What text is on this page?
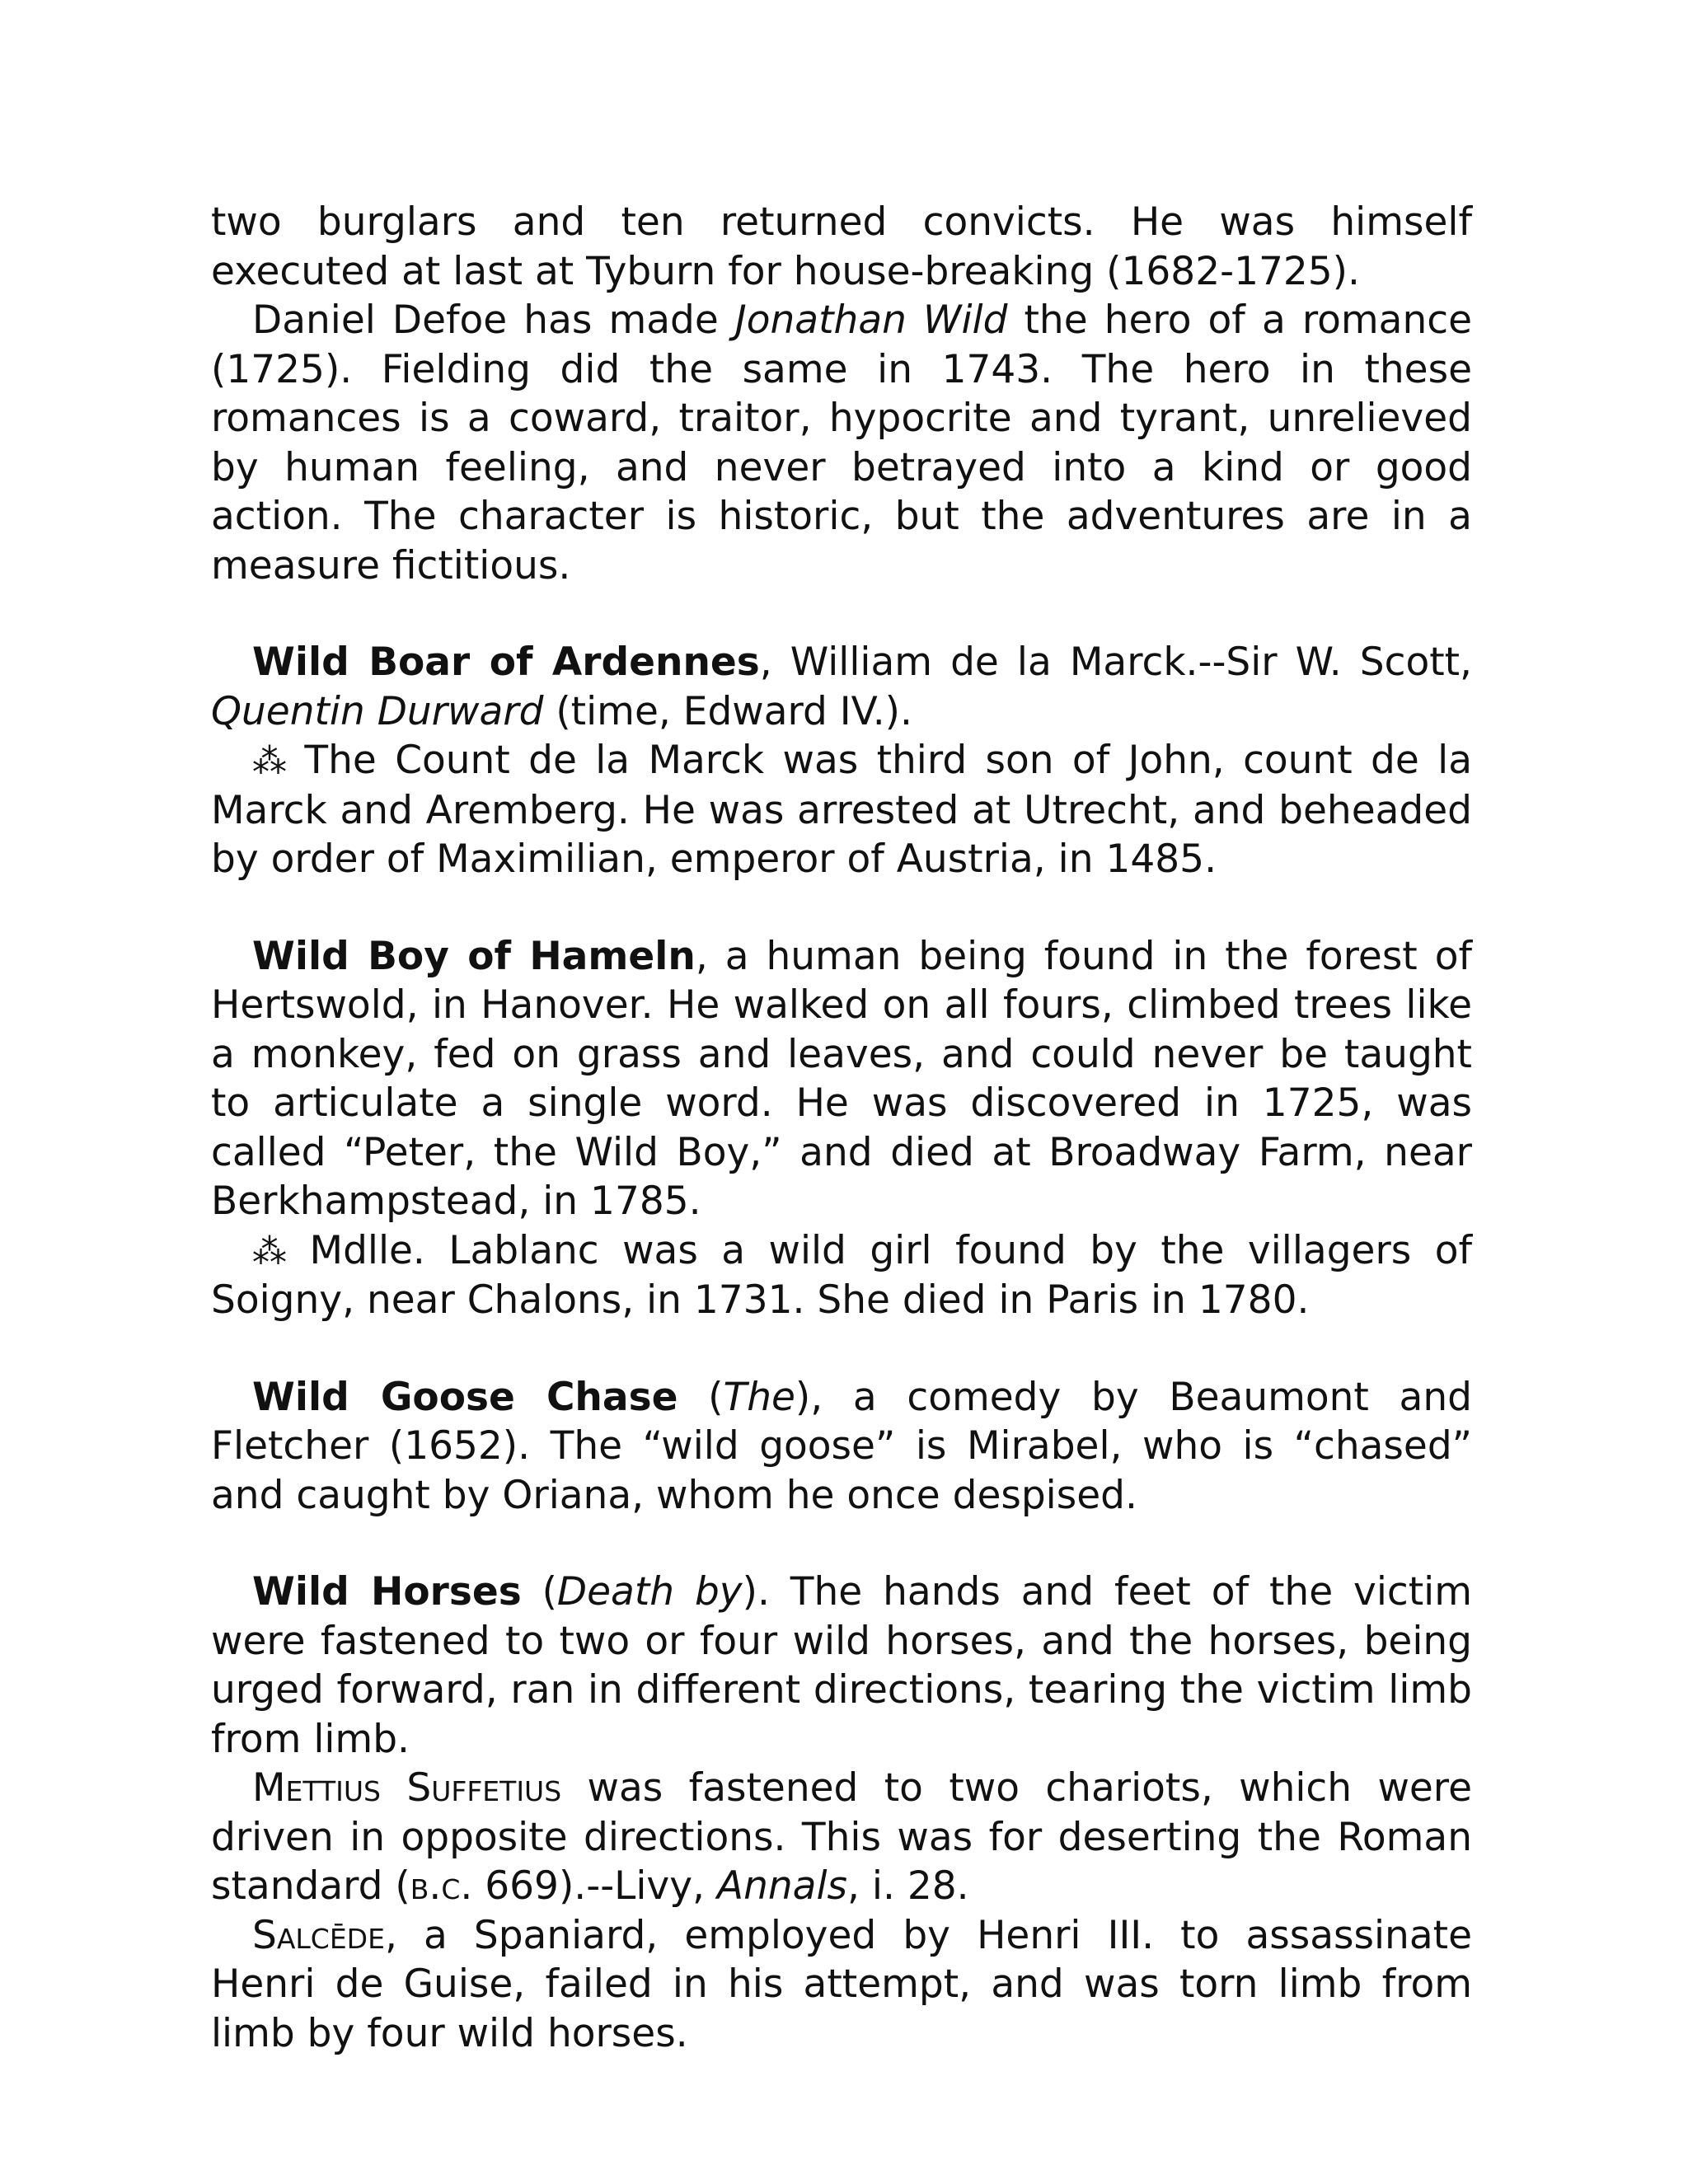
two burglars and ten returned convicts. He was himself executed at last at Tyburn for house-breaking (1682-1725).

Daniel Defoe has made Jonathan Wild the hero of a romance (1725). Fielding did the same in 1743. The hero in these romances is a coward, traitor, hypocrite and tyrant, unrelieved by human feeling, and never betrayed into a kind or good action. The character is historic, but the adventures are in a measure fictitious.

Wild Boar of Ardennes, William de la Marck.--Sir W. Scott, Quentin Durward (time, Edward IV.).

⁂ The Count de la Marck was third son of John, count de la Marck and Aremberg. He was arrested at Utrecht, and beheaded by order of Maximilian, emperor of Austria, in 1485.

Wild Boy of Hameln, a human being found in the forest of Hertswold, in Hanover. He walked on all fours, climbed trees like a monkey, fed on grass and leaves, and could never be taught to articulate a single word. He was discovered in 1725, was called “Peter, the Wild Boy,” and died at Broadway Farm, near Berkhampstead, in 1785.

⁂ Mdlle. Lablanc was a wild girl found by the villagers of Soigny, near Chalons, in 1731. She died in Paris in 1780.

Wild Goose Chase (The), a comedy by Beaumont and Fletcher (1652). The “wild goose” is Mirabel, who is “chased” and caught by Oriana, whom he once despised.

Wild Horses (Death by). The hands and feet of the victim were fastened to two or four wild horses, and the horses, being urged forward, ran in different directions, tearing the victim limb from limb.

Mettius Suffetius was fastened to two chariots, which were driven in opposite directions. This was for deserting the Roman standard (b.c. 669).--Livy, Annals, i. 28.

Salcēde, a Spaniard, employed by Henri III. to assassinate Henri de Guise, failed in his attempt, and was torn limb from limb by four wild horses.
